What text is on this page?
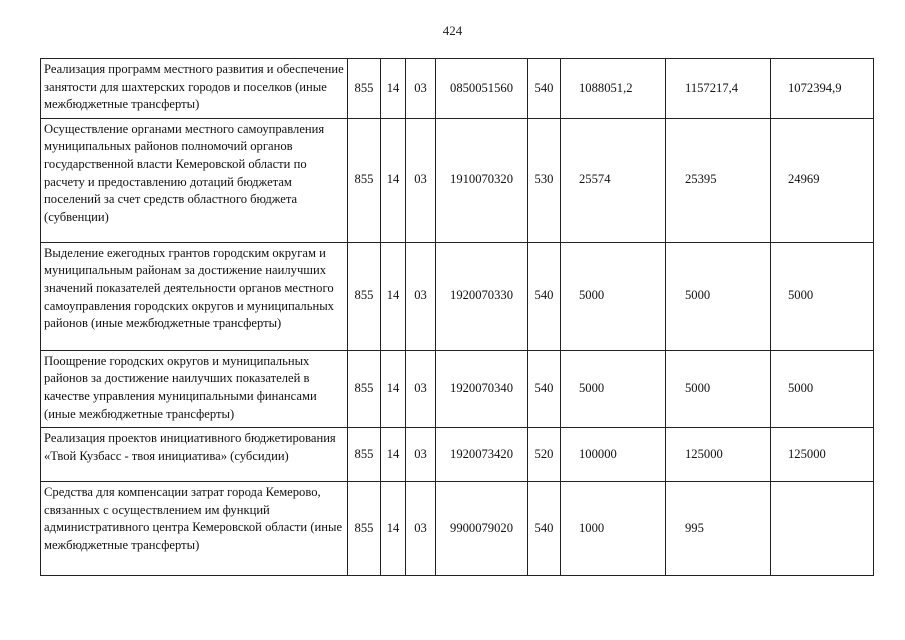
424
Реализация программ местного развития и обеспечение занятости для шахтерских городов и поселков (иные межбюджетные трансферты)	855	14	03	0850051560	540	1088051,2	1157217,4	1072394,9
Осуществление органами местного самоуправления муниципальных районов полномочий органов государственной власти Кемеровской области по расчету и предоставлению дотаций бюджетам поселений за счет средств областного бюджета (субвенции)	855	14	03	1910070320	530	25574	25395	24969
Выделение ежегодных грантов городским округам и муниципальным районам за достижение наилучших значений показателей деятельности органов местного самоуправления городских округов и муниципальных районов (иные межбюджетные трансферты)	855	14	03	1920070330	540	5000	5000	5000
Поощрение городских округов и муниципальных районов за достижение наилучших показателей в качестве управления муниципальными финансами (иные межбюджетные трансферты)	855	14	03	1920070340	540	5000	5000	5000
Реализация проектов инициативного бюджетирования «Твой Кузбасс - твоя инициатива» (субсидии)	855	14	03	1920073420	520	100000	125000	125000
Средства для компенсации затрат города Кемерово, связанных с осуществлением им функций административного центра Кемеровской области (иные межбюджетные трансферты)	855	14	03	9900079020	540	1000	995	
